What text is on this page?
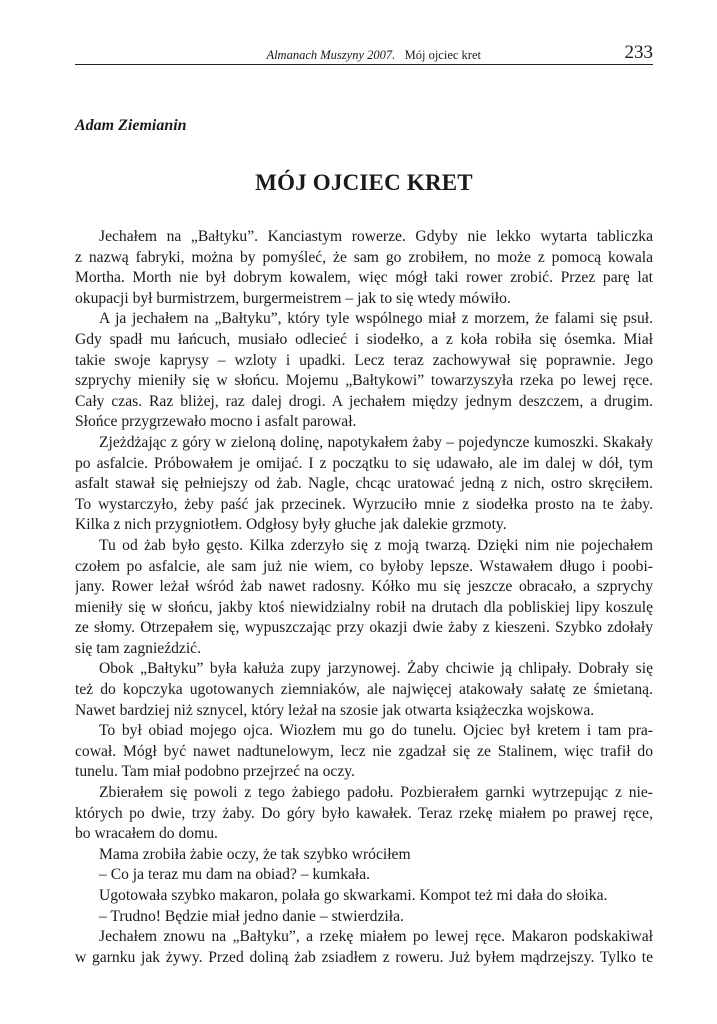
Almanach Muszyny 2007. Mój ojciec kret	233
Adam Ziemianin
MÓJ OJCIEC KRET
Jechałem na „Bałtyku”. Kanciastym rowerze. Gdyby nie lekko wytarta tabliczka
z nazwą fabryki, można by pomyśleć, że sam go zrobiłem, no może z pomocą kowala
Mortha. Morth nie był dobrym kowalem, więc mógł taki rower zrobić. Przez parę lat
okupacji był burmistrzem, burgermeistrem – jak to się wtedy mówiło.
A ja jechałem na „Bałtyku”, który tyle wspólnego miał z morzem, że falami się psuł.
Gdy spadł mu łańcuch, musiało odlecieć i siodełko, a z koła robiła się ósemka. Miał
takie swoje kaprysy – wzloty i upadki. Lecz teraz zachowywał się poprawnie. Jego
szprychy mieniły się w słońcu. Mojemu „Bałtykowi” towarzyszyła rzeka po lewej ręce.
Cały czas. Raz bliżej, raz dalej drogi. A jechałem między jednym deszczem, a drugim.
Słońce przygrzewało mocno i asfalt parował.
Zjeżdżając z góry w zieloną dolinę, napotykałem żaby – pojedyncze kumoszki. Skakały
po asfalcie. Próbowałem je omijać. I z początku to się udawało, ale im dalej w dół, tym
asfalt stawał się pełniejszy od żab. Nagle, chcąc uratować jedną z nich, ostro skręciłem.
To wystarczyło, żeby paść jak przecinek. Wyrzuciło mnie z siodełka prosto na te żaby.
Kilka z nich przygniotłem. Odgłosy były głuche jak dalekie grzmoty.
Tu od żab było gęsto. Kilka zderzyło się z moją twarzą. Dzięki nim nie pojechałem
czołem po asfalcie, ale sam już nie wiem, co byłoby lepsze. Wstawałem długo i poobi-
jany. Rower leżał wśród żab nawet radosny. Kółko mu się jeszcze obracało, a szprychy
mieniły się w słońcu, jakby ktoś niewidzialny robił na drutach dla pobliskiej lipy koszulę
ze słomy. Otrzepałem się, wypuszczając przy okazji dwie żaby z kieszeni. Szybko zdołały
się tam zagnieździć.
Obok „Bałtyku” była kałuża zupy jarzynowej. Żaby chciwie ją chlipały. Dobrały się
też do kopczyka ugotowanych ziemniaków, ale najwięcej atakowały sałatę ze śmietaną.
Nawet bardziej niż sznycel, który leżał na szosie jak otwarta książeczka wojskowa.
To był obiad mojego ojca. Wiozłem mu go do tunelu. Ojciec był kretem i tam pra-
cował. Mógł być nawet nadtunelowym, lecz nie zgadzał się ze Stalinem, więc trafił do
tunelu. Tam miał podobno przejrzeć na oczy.
Zbierałem się powoli z tego żabiego padołu. Pozbierałem garnki wytrzepując z nie-
których po dwie, trzy żaby. Do góry było kawałek. Teraz rzekę miałem po prawej ręce,
bo wracałem do domu.
Mama zrobiła żabie oczy, że tak szybko wróciłem
– Co ja teraz mu dam na obiad? – kumkała.
Ugotowała szybko makaron, polała go skwarkami. Kompot też mi dała do słoika.
– Trudno! Będzie miał jedno danie – stwierdziła.
Jechałem znowu na „Bałtyku”, a rzekę miałem po lewej ręce. Makaron podskakiwał
w garnku jak żywy. Przed doliną żab zsiadłem z roweru. Już byłem mądrzejszy. Tylko te
